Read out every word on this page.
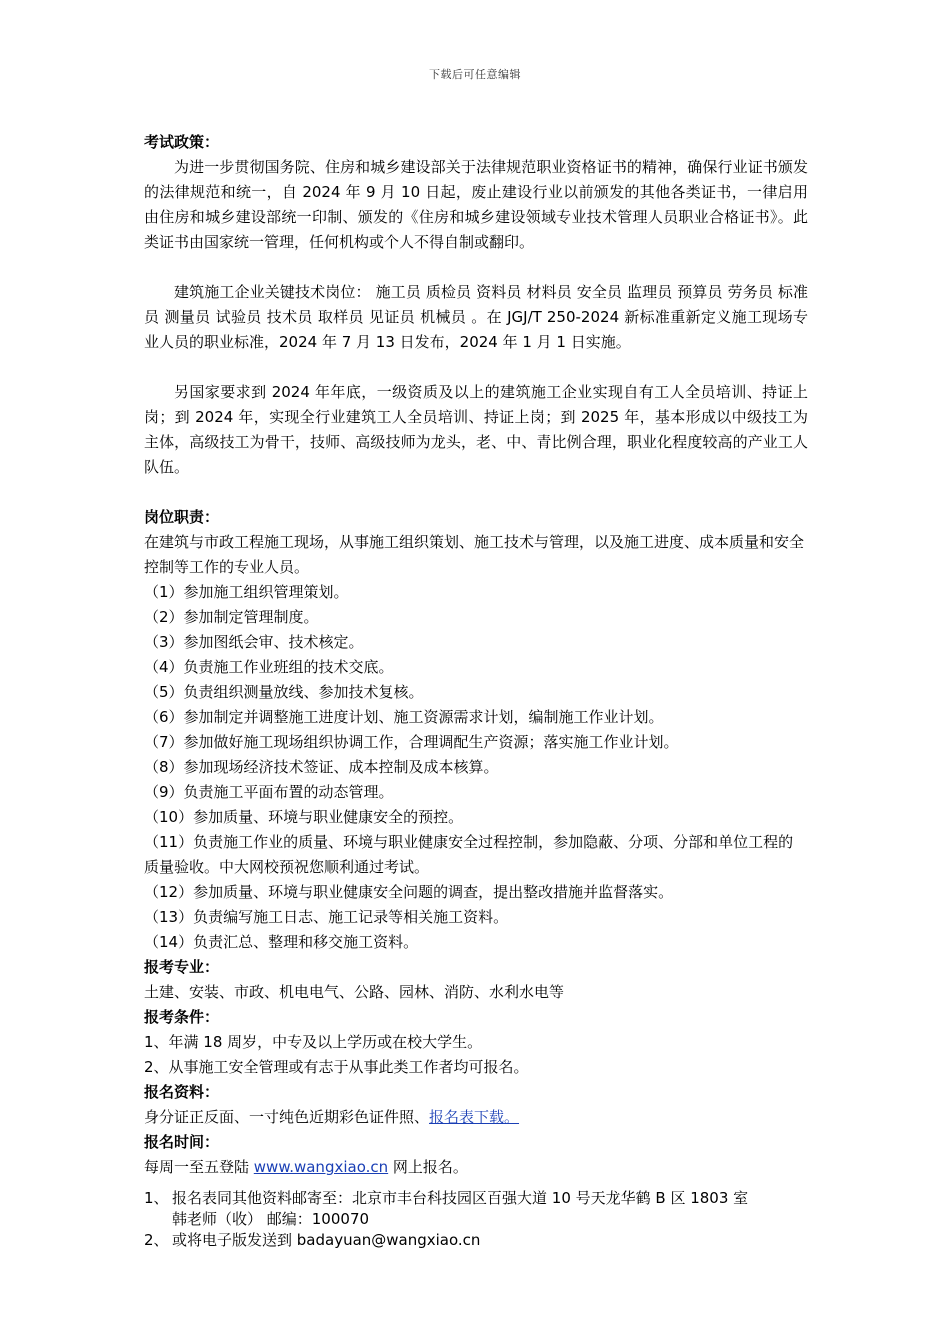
下载后可任意编辑
考试政策：

为进一步贯彻国务院、住房和城乡建设部关于法律规范职业资格证书的精神，确保行业证书颁发的法律规范和统一，自 2024 年 9 月 10 日起，废止建设行业以前颁发的其他各类证书，一律启用由住房和城乡建设部统一印制、颁发的《住房和城乡建设领域专业技术管理人员职业合格证书》。此类证书由国家统一管理，任何机构或个人不得自制或翻印。

建筑施工企业关键技术岗位： 施工员 质检员 资料员 材料员 安全员 监理员 预算员 劳务员 标准员 测量员 试验员 技术员 取样员 见证员 机械员 。在 JGJ/T 250-2024 新标准重新定义施工现场专业人员的职业标准，2024 年 7 月 13 日发布，2024 年 1 月 1 日实施。

另国家要求到 2024 年年底，一级资质及以上的建筑施工企业实现自有工人全员培训、持证上岗；到 2024 年，实现全行业建筑工人全员培训、持证上岗；到 2025 年，基本形成以中级技工为主体，高级技工为骨干，技师、高级技师为龙头，老、中、青比例合理，职业化程度较高的产业工人队伍。

岗位职责：

在建筑与市政工程施工现场，从事施工组织策划、施工技术与管理，以及施工进度、成本质量和安全控制等工作的专业人员。

（1）参加施工组织管理策划。

（2）参加制定管理制度。

（3）参加图纸会审、技术核定。

（4）负责施工作业班组的技术交底。

（5）负责组织测量放线、参加技术复核。

（6）参加制定并调整施工进度计划、施工资源需求计划，编制施工作业计划。

（7）参加做好施工现场组织协调工作，合理调配生产资源；落实施工作业计划。

（8）参加现场经济技术签证、成本控制及成本核算。

（9）负责施工平面布置的动态管理。

（10）参加质量、环境与职业健康安全的预控。

（11）负责施工作业的质量、环境与职业健康安全过程控制，参加隐蔽、分项、分部和单位工程的质量验收。中大网校预祝您顺利通过考试。

（12）参加质量、环境与职业健康安全问题的调查，提出整改措施并监督落实。

（13）负责编写施工日志、施工记录等相关施工资料。

（14）负责汇总、整理和移交施工资料。

报考专业：

土建、安装、市政、机电电气、公路、园林、消防、水利水电等

报考条件：

1、年满 18 周岁，中专及以上学历或在校大学生。

2、从事施工安全管理或有志于从事此类工作者均可报名。

报名资料：

身分证正反面、一寸纯色近期彩色证件照、报名表下载。

报名时间：

每周一至五登陆 www.wangxiao.cn 网上报名。

1、 报名表同其他资料邮寄至：北京市丰台科技园区百强大道 10 号天龙华鹤 B 区 1803 室
韩老师（收） 邮编：100070
2、 或将电子版发送到 badayuan@wangxiao.cn
